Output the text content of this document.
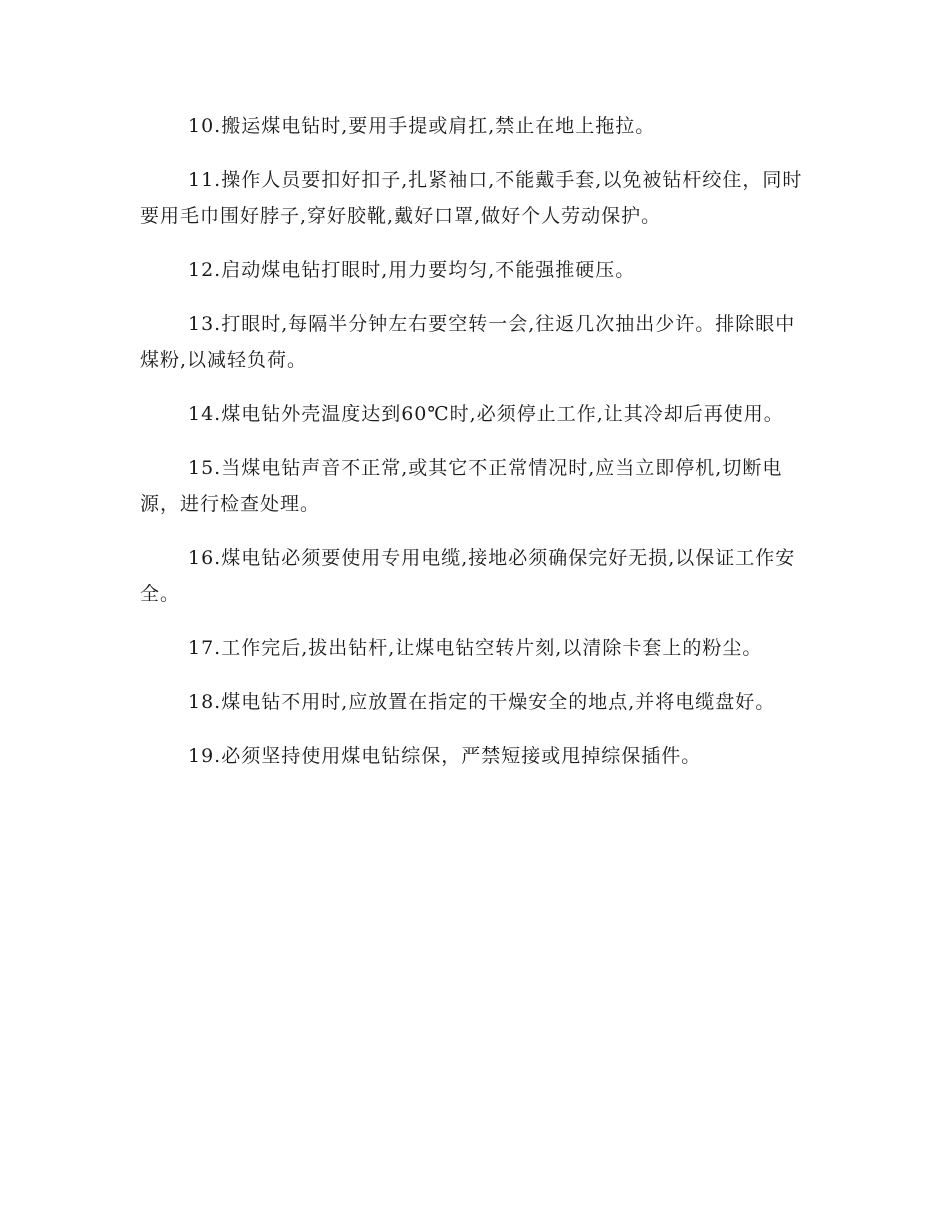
10.搬运煤电钻时,要用手提或肩扛,禁止在地上拖拉。

11.操作人员要扣好扣子,扎紧袖口,不能戴手套,以免被钻杆绞住，同时要用毛巾围好脖子,穿好胶靴,戴好口罩,做好个人劳动保护。

12.启动煤电钻打眼时,用力要均匀,不能强推硬压。

13.打眼时,每隔半分钟左右要空转一会,往返几次抽出少许。排除眼中煤粉,以减轻负荷。

14.煤电钻外壳温度达到60℃时,必须停止工作,让其冷却后再使用。

15.当煤电钻声音不正常,或其它不正常情况时,应当立即停机,切断电源，进行检查处理。

16.煤电钻必须要使用专用电缆,接地必须确保完好无损,以保证工作安全。

17.工作完后,拔出钻杆,让煤电钻空转片刻,以清除卡套上的粉尘。

18.煤电钻不用时,应放置在指定的干燥安全的地点,并将电缆盘好。

19.必须坚持使用煤电钻综保，严禁短接或甩掉综保插件。
